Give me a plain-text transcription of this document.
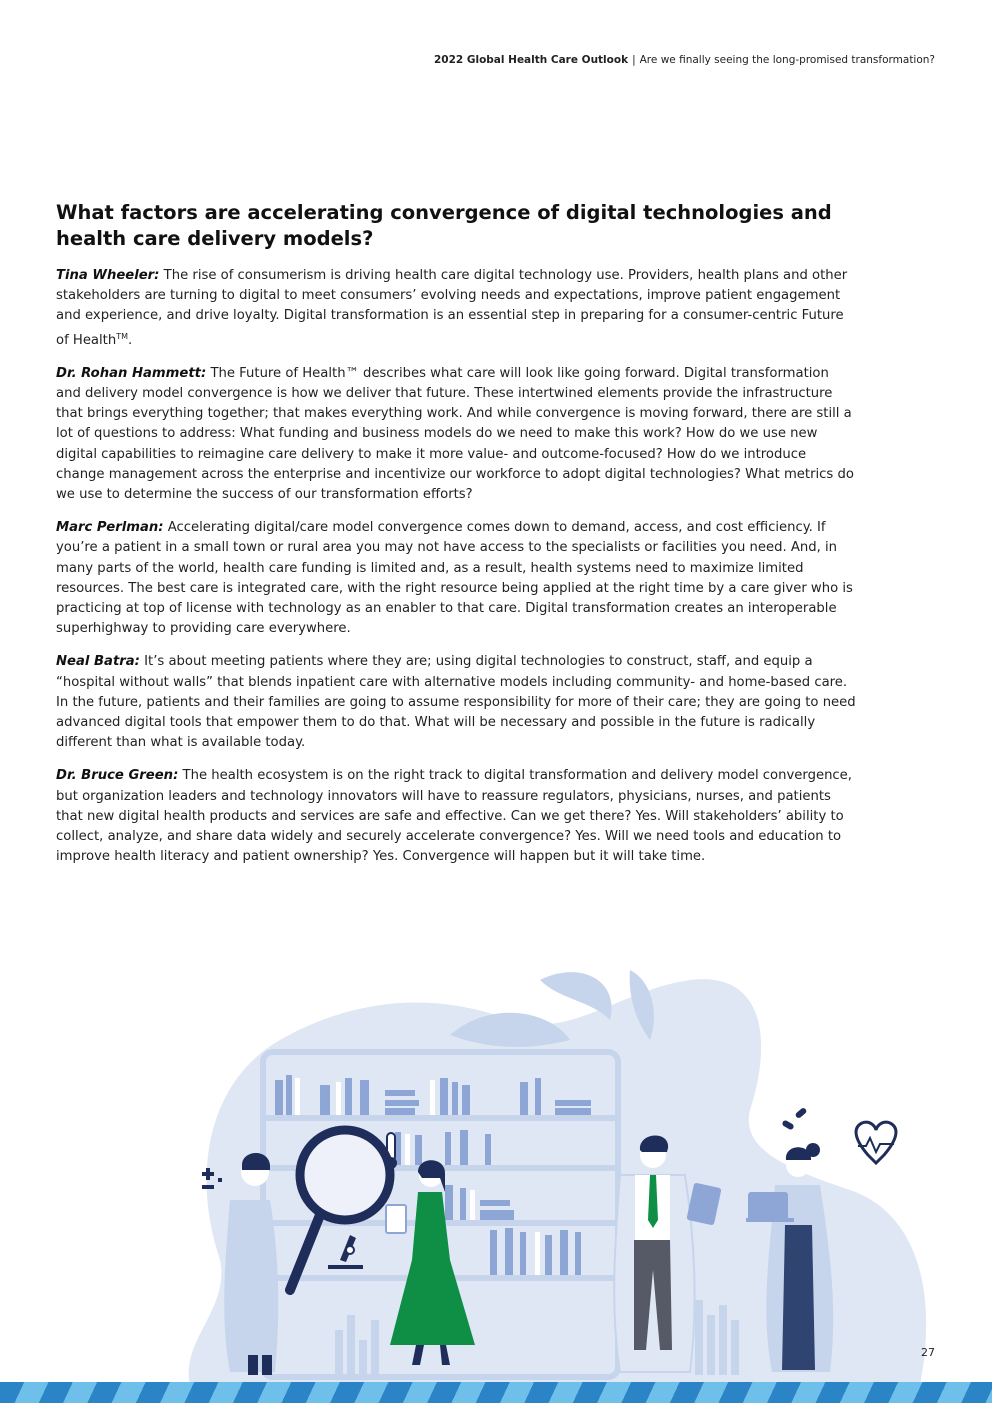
2022 Global Health Care Outlook | Are we finally seeing the long-promised transformation?
What factors are accelerating convergence of digital technologies and health care delivery models?

Tina Wheeler: The rise of consumerism is driving health care digital technology use. Providers, health plans and other stakeholders are turning to digital to meet consumers’ evolving needs and expectations, improve patient engagement and experience, and drive loyalty. Digital transformation is an essential step in preparing for a consumer-centric Future of Health™.

Dr. Rohan Hammett: The Future of Health™ describes what care will look like going forward. Digital transformation and delivery model convergence is how we deliver that future. These intertwined elements provide the infrastructure that brings everything together; that makes everything work. And while convergence is moving forward, there are still a lot of questions to address: What funding and business models do we need to make this work? How do we use new digital capabilities to reimagine care delivery to make it more value- and outcome-focused? How do we introduce change management across the enterprise and incentivize our workforce to adopt digital technologies? What metrics do we use to determine the success of our transformation efforts?

Marc Perlman: Accelerating digital/care model convergence comes down to demand, access, and cost efficiency. If you’re a patient in a small town or rural area you may not have access to the specialists or facilities you need. And, in many parts of the world, health care funding is limited and, as a result, health systems need to maximize limited resources. The best care is integrated care, with the right resource being applied at the right time by a care giver who is practicing at top of license with technology as an enabler to that care. Digital transformation creates an interoperable superhighway to providing care everywhere.

Neal Batra: It’s about meeting patients where they are; using digital technologies to construct, staff, and equip a “hospital without walls” that blends inpatient care with alternative models including community- and home-based care. In the future, patients and their families are going to assume responsibility for more of their care; they are going to need advanced digital tools that empower them to do that. What will be necessary and possible in the future is radically different than what is available today.

Dr. Bruce Green: The health ecosystem is on the right track to digital transformation and delivery model convergence, but organization leaders and technology innovators will have to reassure regulators, physicians, nurses, and patients that new digital health products and services are safe and effective. Can we get there? Yes. Will stakeholders’ ability to collect, analyze, and share data widely and securely accelerate convergence? Yes. Will we need tools and education to improve health literacy and patient ownership? Yes. Convergence will happen but it will take time.

27
